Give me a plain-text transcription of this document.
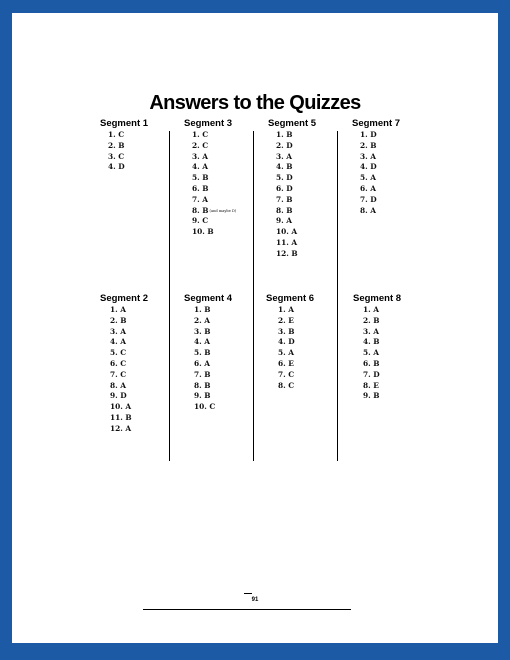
Answers to the Quizzes
Segment 1
1. C
2. B
3. C
4. D
Segment 3
1. C
2. C
3. A
4. A
5. B
6. B
7. A
8. B(and maybe D)
9. C
10. B
Segment 5
1. B
2. D
3. A
4. B
5. D
6. D
7. B
8. B
9. A
10. A
11. A
12. B
Segment 7
1. D
2. B
3. A
4. D
5. A
6. A
7. D
8. A
Segment 2
1. A
2. B
3. A
4. A
5. C
6. C
7. C
8. A
9. D
10. A
11. B
12. A
Segment 4
1. B
2. A
3. B
4. A
5. B
6. A
7. B
8. B
9. B
10. C
Segment 6
1. A
2. E
3. B
4. D
5. A
6. E
7. C
8. C
Segment 8
1. A
2. B
3. A
4. B
5. A
6. B
7. D
8. E
9. B
91
